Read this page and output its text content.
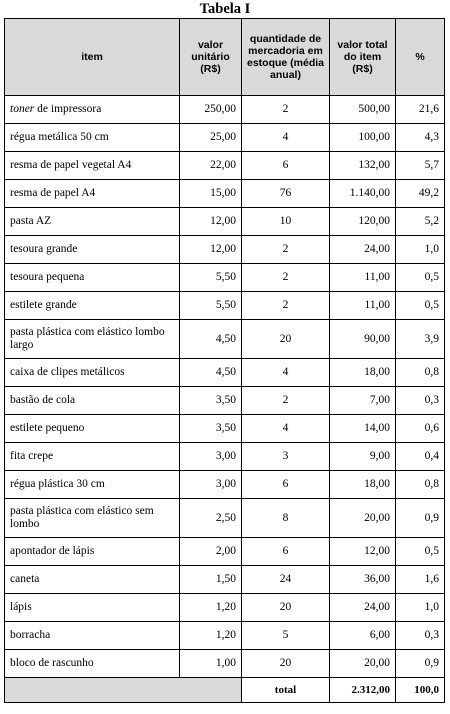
Tabela I
item	valor unitário (R$)	quantidade de mercadoria em estoque (média anual)	valor total do item (R$)	%
toner de impressora	250,00	2	500,00	21,6
régua metálica 50 cm	25,00	4	100,00	4,3
resma de papel vegetal A4	22,00	6	132,00	5,7
resma de papel A4	15,00	76	1.140,00	49,2
pasta AZ	12,00	10	120,00	5,2
tesoura grande	12,00	2	24,00	1,0
tesoura pequena	5,50	2	11,00	0,5
estilete grande	5,50	2	11,00	0,5
pasta plástica com elástico lombo largo	4,50	20	90,00	3,9
caixa de clipes metálicos	4,50	4	18,00	0,8
bastão de cola	3,50	2	7,00	0,3
estilete pequeno	3,50	4	14,00	0,6
fita crepe	3,00	3	9,00	0,4
régua plástica 30 cm	3,00	6	18,00	0,8
pasta plástica com elástico sem lombo	2,50	8	20,00	0,9
apontador de lápis	2,00	6	12,00	0,5
caneta	1,50	24	36,00	1,6
lápis	1,20	20	24,00	1,0
borracha	1,20	5	6,00	0,3
bloco de rascunho	1,00	20	20,00	0,9
		total	2.312,00	100,0
